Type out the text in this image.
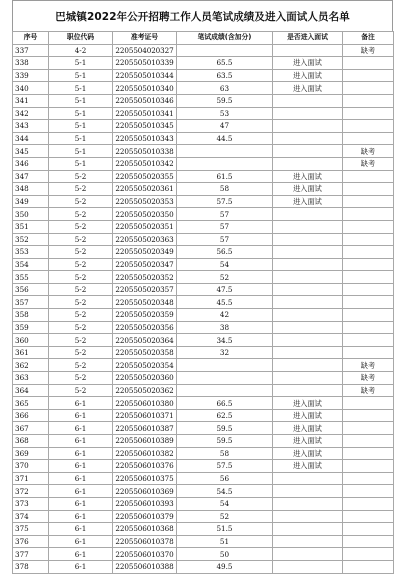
巴城镇2022年公开招聘工作人员笔试成绩及进入面试人员名单
序号	职位代码	准考证号	笔试成绩(含加分)	是否进入面试	备注
337	4-2	2205504020327			缺考
338	5-1	2205505010339	65.5	进入面试	
339	5-1	2205505010344	63.5	进入面试	
340	5-1	2205505010340	63	进入面试	
341	5-1	2205505010346	59.5		
342	5-1	2205505010341	53		
343	5-1	2205505010345	47		
344	5-1	2205505010343	44.5		
345	5-1	2205505010338			缺考
346	5-1	2205505010342			缺考
347	5-2	2205505020355	61.5	进入面试	
348	5-2	2205505020361	58	进入面试	
349	5-2	2205505020353	57.5	进入面试	
350	5-2	2205505020350	57		
351	5-2	2205505020351	57		
352	5-2	2205505020363	57		
353	5-2	2205505020349	56.5		
354	5-2	2205505020347	54		
355	5-2	2205505020352	52		
356	5-2	2205505020357	47.5		
357	5-2	2205505020348	45.5		
358	5-2	2205505020359	42		
359	5-2	2205505020356	38		
360	5-2	2205505020364	34.5		
361	5-2	2205505020358	32		
362	5-2	2205505020354			缺考
363	5-2	2205505020360			缺考
364	5-2	2205505020362			缺考
365	6-1	2205506010380	66.5	进入面试	
366	6-1	2205506010371	62.5	进入面试	
367	6-1	2205506010387	59.5	进入面试	
368	6-1	2205506010389	59.5	进入面试	
369	6-1	2205506010382	58	进入面试	
370	6-1	2205506010376	57.5	进入面试	
371	6-1	2205506010375	56		
372	6-1	2205506010369	54.5		
373	6-1	2205506010393	54		
374	6-1	2205506010379	52		
375	6-1	2205506010368	51.5		
376	6-1	2205506010378	51		
377	6-1	2205506010370	50		
378	6-1	2205506010388	49.5		
